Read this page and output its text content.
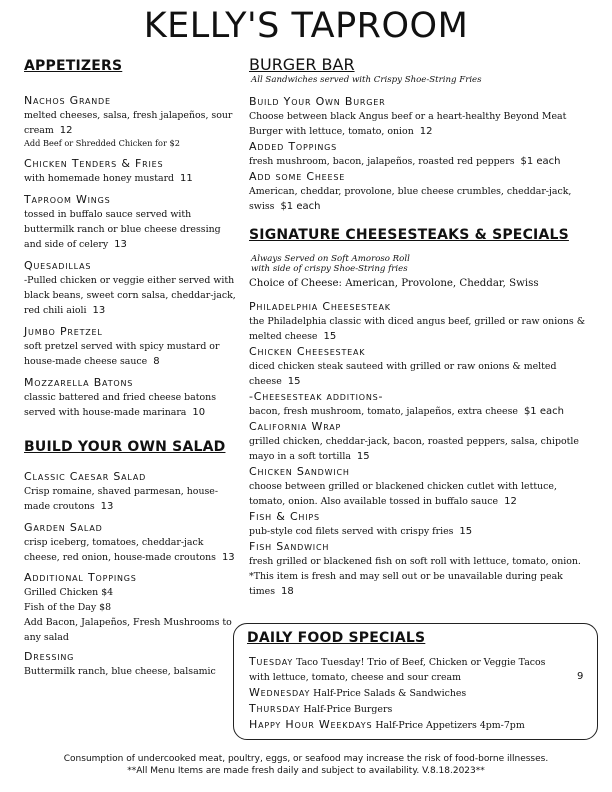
KELLY'S TAPROOM

APPETIZERS

Nachos Grande
melted cheeses, salsa, fresh jalapeños, sour cream 12
Add Beef or Shredded Chicken for $2
Chicken Tenders & Fries
with homemade honey mustard 11
Taproom Wings
tossed in buffalo sauce served with buttermilk ranch or blue cheese dressing and side of celery 13
Quesadillas
-Pulled chicken or veggie either served with black beans, sweet corn salsa, cheddar-jack, red chili aioli 13
Jumbo Pretzel
soft pretzel served with spicy mustard or house-made cheese sauce 8
Mozzarella Batons
classic battered and fried cheese batons served with house-made marinara 10

BUILD YOUR OWN SALAD

Classic Caesar Salad
Crisp romaine, shaved parmesan, house-made croutons 13
Garden Salad
crisp iceberg, tomatoes, cheddar-jack cheese, red onion, house-made croutons 13
Additional Toppings
Grilled Chicken $4
Fish of the Day $8
Add Bacon, Jalapeños, Fresh Mushrooms to any salad
Dressing
Buttermilk ranch, blue cheese, balsamic

BURGER BAR

All Sandwiches served with Crispy Shoe-String Fries

Build Your Own Burger
Choose between black Angus beef or a heart-healthy Beyond Meat Burger with lettuce, tomato, onion 12
Added Toppings
fresh mushroom, bacon, jalapeños, roasted red peppers $1 each
Add some Cheese
American, cheddar, provolone, blue cheese crumbles, cheddar-jack, swiss $1 each

SIGNATURE CHEESESTEAKS & SPECIALS

Always Served on Soft Amoroso Roll

with side of crispy Shoe-String fries

Choice of Cheese: American, Provolone, Cheddar, Swiss
Philadelphia Cheesesteak
the Philadelphia classic with diced angus beef, grilled or raw onions & melted cheese 15
Chicken Cheesesteak
diced chicken steak sauteed with grilled or raw onions & melted cheese 15
-Cheesesteak additions-
bacon, fresh mushroom, tomato, jalapeños, extra cheese $1 each
California Wrap
grilled chicken, cheddar-jack, bacon, roasted peppers, salsa, chipotle mayo in a soft tortilla 15
Chicken Sandwich
choose between grilled or blackened chicken cutlet with lettuce, tomato, onion. Also available tossed in buffalo sauce 12
Fish & Chips
pub-style cod filets served with crispy fries 15
Fish Sandwich
fresh grilled or blackened fish on soft roll with lettuce, tomato, onion. *This item is fresh and may sell out or be unavailable during peak times 18

DAILY FOOD SPECIALS

Tuesday Taco Tuesday! Trio of Beef, Chicken or Veggie Tacos with lettuce, tomato, cheese and sour cream
Wednesday Half-Price Salads & Sandwiches
Thursday Half-Price Burgers
Happy Hour Weekdays Half-Price Appetizers 4pm-7pm
9
Consumption of undercooked meat, poultry, eggs, or seafood may increase the risk of food-borne illnesses.
**All Menu Items are made fresh daily and subject to availability. V.8.18.2023**
